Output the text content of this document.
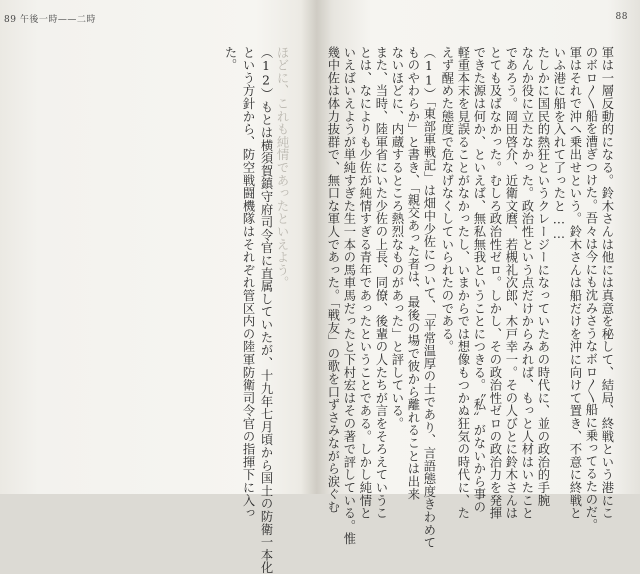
89 午後一時——二時
ほどに、これも純情であったといえよう。
（12）もとは横須賀鎮守府司令官に直属していたが、十九年七月頃から国土の防衛一本化
という方針から、防空戦闘機隊はそれぞれ管区内の陸軍防衛司令官の指揮下に入っ
た。
88
軍は一層反動的になる。鈴木さんは他には真意を秘して、結局、終戦という港にこ
のボロ〳〵船を漕ぎつけた。吾々は今にも沈みさうなボロ〳〵船に乗ってるたのだ。
軍はそれで沖へ乗出せという。鈴木さんは船だけを沖に向けて置き、不意に終戦と
いふ港に船を入れて了ったと……
たしかに国民的熱狂というクレージーになっていたあの時代に、並の政治的手腕
なんか役に立たなかった。政治性という点だけからみれば、もっと人材はいたこと
であろう。岡田啓介、近衛文麿、若槻礼次郎、木戸幸一。その人びとに鈴木さんは
とても及ばなかった。むしろ政治性ゼロ。しかし、その政治性ゼロの政治力を発揮
できた源は何か、といえば、無私無我ということにつきる。〝私〟がないから事の
軽重本末を見誤ることがなかったし、いまからでは想像もつかぬ狂気の時代に、た
えず醒めた態度で危なげなくしていられたのである。
（11）「東部軍戦記」は畑中少佐について、「平常温厚の士であり、言語態度きわめて
ものやわらか」と書き、「親交あった者は、最後の場で彼から離れることは出来
ないほどに、内蔵するところ熱烈なものがあった」と評している。
また、当時、陸軍省にいた少佐の上長、同僚、後輩の人たちが言をそろえていうこ
とは、なによりも少佐が純情すぎる青年であったということである。しかし純情と
いえばいえようが単純すぎた生一本の馬車馬だったと下村宏はその著で評している。惟
幾中佐は体力抜群で、無口な軍人であった。「戦友」の歌を口ずさみながら涙ぐむ
